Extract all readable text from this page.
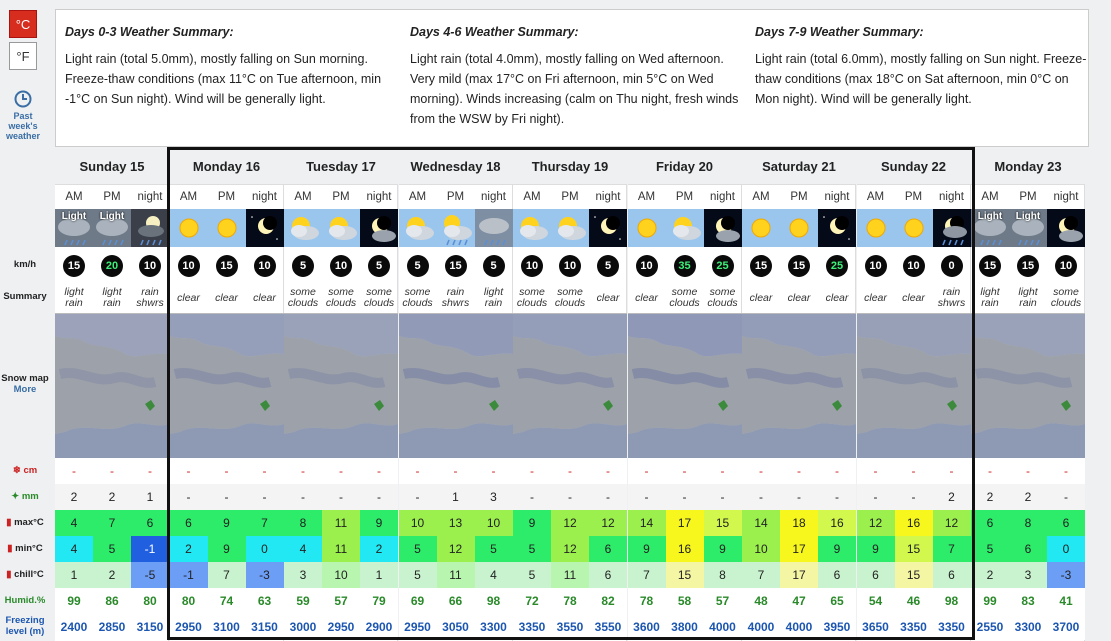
°C
°F
Past
week's
weather
km/h
Summary
Snow map
More
❄ cm
✦ mm
▮ max°C
▮ min°C
▮ chill°C
Humid.%
Freezing
level (m)
Days 0-3 Weather Summary:

Light rain (total 5.0mm), mostly falling on Sun morning. Freeze-thaw conditions (max 11°C on Tue afternoon, min -1°C on Sun night). Wind will be generally light.

Days 4-6 Weather Summary:

Light rain (total 4.0mm), mostly falling on Wed afternoon. Very mild (max 17°C on Fri afternoon, min 5°C on Wed morning). Winds increasing (calm on Thu night, fresh winds from the WSW by Fri night).

Days 7-9 Weather Summary:

Light rain (total 6.0mm), mostly falling on Sun night. Freeze-thaw conditions (max 18°C on Sat afternoon, min 0°C on Mon night). Wind will be generally light.

Sunday 15
AM
Light
15
light rain
-
2
4
4
1
99
2400
PM
Light
20
light rain
-
2
7
5
2
86
2850
night
10
rain shwrs
-
1
6
-1
-5
80
3150
Monday 16
AM
10
clear
-
-
6
2
-1
80
2950
PM
15
clear
-
-
9
9
7
74
3100
night
10
clear
-
-
7
0
-3
63
3150
Tuesday 17
AM
5
some clouds
-
-
8
4
3
59
3000
PM
10
some clouds
-
-
11
11
10
57
2950
night
5
some clouds
-
-
9
2
1
79
2900
Wednesday 18
AM
5
some clouds
-
-
10
5
5
69
2950
PM
15
rain shwrs
-
1
13
12
11
66
3050
night
5
light rain
-
3
10
5
4
98
3300
Thursday 19
AM
10
some clouds
-
-
9
5
5
72
3350
PM
10
some clouds
-
-
12
12
11
78
3550
night
5
clear
-
-
12
6
6
82
3550
Friday 20
AM
10
clear
-
-
14
9
7
78
3600
PM
35
some clouds
-
-
17
16
15
58
3800
night
25
some clouds
-
-
15
9
8
57
4000
Saturday 21
AM
15
clear
-
-
14
10
7
48
4000
PM
15
clear
-
-
18
17
17
47
4000
night
25
clear
-
-
16
9
6
65
3950
Sunday 22
AM
10
clear
-
-
12
9
6
54
3650
PM
10
clear
-
-
16
15
15
46
3350
night
0
rain shwrs
-
2
12
7
6
98
3350
Monday 23
AM
Light
15
light rain
-
2
6
5
2
99
2550
PM
Light
15
light rain
-
2
8
6
3
83
3300
night
10
some clouds
-
-
6
0
-3
41
3700
